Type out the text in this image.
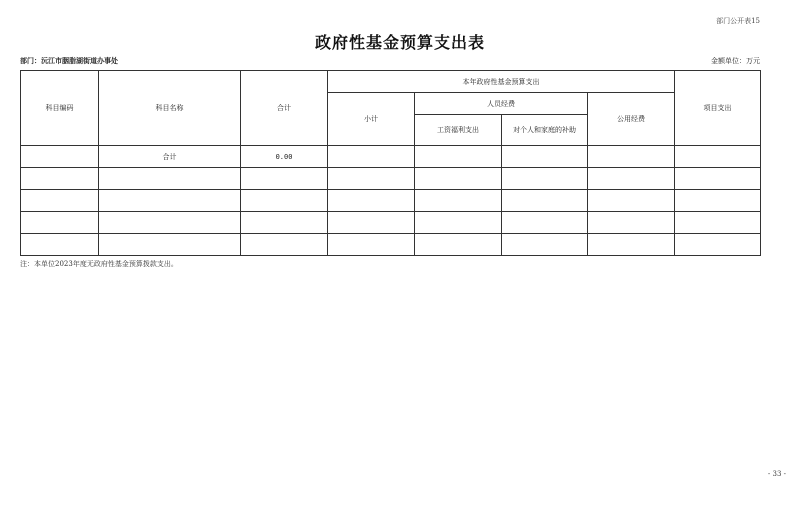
部门公开表15
政府性基金预算支出表
部门：沅江市胭脂湖街道办事处	金额单位：万元
科目编码	科目名称	合计	本年政府性基金预算支出				项目支出
			小计	人员经费		公用经费	
				工资福利支出	对个人和家庭的补助		
	合计	0.00					

注：本单位2023年度无政府性基金预算拨款支出。
- 33 -
